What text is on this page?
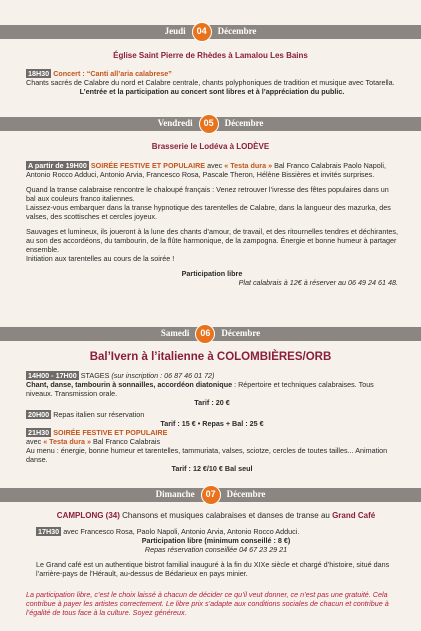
Jeudi	04	Décembre
Église Saint Pierre de Rhèdes à Lamalou Les Bains

18H30 Concert : “Canti all’aria calabrese”

Chants sacrés de Calabre du nord et Calabre centrale, chants polyphoniques de tradition et musique avec Totarella.

L’entrée et la participation au concert sont libres et à l’appréciation du public.

Vendredi	05	Décembre
Brasserie le Lodéva à LODÈVE

A partir de 19H00 SOIRÉE FESTIVE ET POPULAIRE avec « Testa dura » Bal Franco Calabrais Paolo Napoli, Antonio Rocco Adduci, Antonio Arvia, Francesco Rosa, Pascale Theron, Hélène Bissières et invités surprises.

Quand la transe calabraise rencontre le chaloupé français : Venez retrouver l’ivresse des fêtes populaires dans un bal aux couleurs franco italiennes.

Laissez-vous embarquer dans la transe hypnotique des tarentelles de Calabre, dans la langueur des mazurka, des valses, des scottisches et cercles joyeux.

Sauvages et lumineux, ils joueront à la lune des chants d’amour, de travail, et des ritournelles tendres et déchirantes, au son des accordéons, du tambourin, de la flûte harmonique, de la zampogna. Énergie et bonne humeur à partager ensemble.

Initiation aux tarentelles au cours de la soirée !

Participation libre

Plat calabrais à 12€ à réserver au 06 49 24 61 48.

Samedi	06	Décembre
Bal’Ivern à l’italienne à COLOMBIÈRES/ORB

14H00 - 17H00 STAGES (sur inscription : 06 87 46 01 72)

Chant, danse, tambourin à sonnailles, accordéon diatonique : Répertoire et techniques calabraises. Tous niveaux. Transmission orale.

Tarif : 20 €

20H00 Repas italien sur réservation

Tarif : 15 € • Repas + Bal : 25 €

21H30 SOIRÉE FESTIVE ET POPULAIRE

avec « Testa dura » Bal Franco Calabrais

Au menu : énergie, bonne humeur et tarentelles, tammuriata, valses, sciotze, cercles de toutes tailles... Animation danse.

Tarif : 12 €/10 € Bal seul

Dimanche	07	Décembre

CAMPLONG (34) Chansons et musiques calabraises et danses de transe au Grand Café

17H30 avec Francesco Rosa, Paolo Napoli, Antonio Arvia, Antonio Rocco Adduci.

Participation libre (minimum conseillé : 8 €)

Repas réservation conseillée 04 67 23 29 21

Le Grand café est un authentique bistrot familial inauguré à la fin du XIXe siècle et chargé d’histoire, situé dans l’arrière-pays de l’Hérault, au-dessus de Bédarieux en pays minier.

La participation libre, c’est le choix laissé à chacun de décider ce qu’il veut donner, ce n’est pas une gratuité. Cela contribue à payer les artistes correctement. Le libre prix s’adapte aux conditions sociales de chacun et contribue à l’égalité de tous face à la culture. Soyez généreux.
